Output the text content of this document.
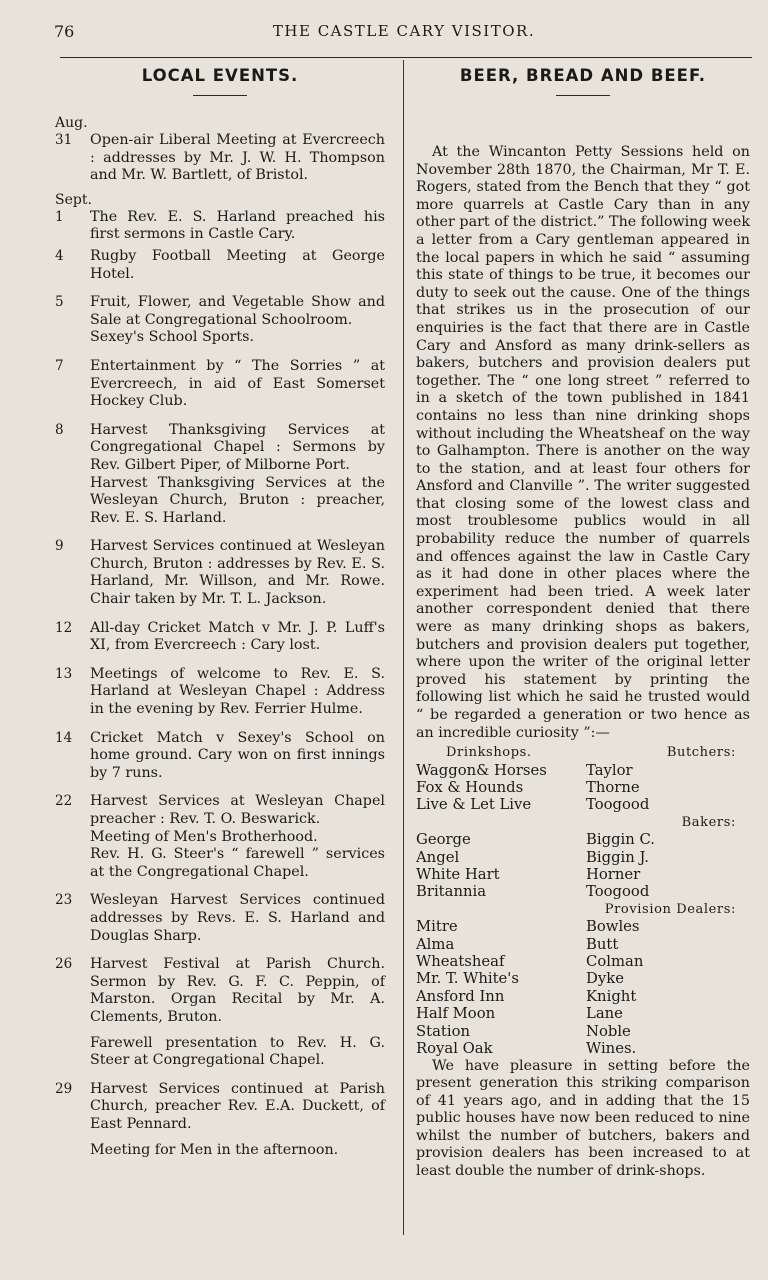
76	THE CASTLE CARY VISITOR.
LOCAL EVENTS.
Aug.
31	Open-air Liberal Meeting at Evercreech : addresses by Mr. J. W. H. Thompson and Mr. W. Bartlett, of Bristol.

Sept.
1	The Rev. E. S. Harland preached his first sermons in Castle Cary.

4	Rugby Football Meeting at George Hotel.

5	Fruit, Flower, and Vegetable Show and Sale at Congregational Schoolroom.

Sexey's School Sports.

7	Entertainment by “ The Sorries ” at Evercreech, in aid of East Somerset Hockey Club.

8	Harvest Thanksgiving Services at Congregational Chapel : Sermons by Rev. Gilbert Piper, of Milborne Port.

Harvest Thanksgiving Services at the Wesleyan Church, Bruton : preacher, Rev. E. S. Harland.

9	Harvest Services continued at Wesleyan Church, Bruton : addresses by Rev. E. S. Harland, Mr. Willson, and Mr. Rowe. Chair taken by Mr. T. L. Jackson.

12	All-day Cricket Match v Mr. J. P. Luff's XI, from Evercreech : Cary lost.

13	Meetings of welcome to Rev. E. S. Harland at Wesleyan Chapel : Address in the evening by Rev. Ferrier Hulme.

14	Cricket Match v Sexey's School on home ground. Cary won on first innings by 7 runs.

22	Harvest Services at Wesleyan Chapel preacher : Rev. T. O. Beswarick.

Meeting of Men's Brotherhood.

Rev. H. G. Steer's “ farewell ” services at the Congregational Chapel.

23	Wesleyan Harvest Services continued addresses by Revs. E. S. Harland and Douglas Sharp.

26	Harvest Festival at Parish Church. Sermon by Rev. G. F. C. Peppin, of Marston. Organ Recital by Mr. A. Clements, Bruton.

Farewell presentation to Rev. H. G. Steer at Congregational Chapel.

29	Harvest Services continued at Parish Church, preacher Rev. E.A. Duckett, of East Pennard.

Meeting for Men in the afternoon.

BEER, BREAD AND BEEF.

At the Wincanton Petty Sessions held on November 28th 1870, the Chairman, Mr T. E. Rogers, stated from the Bench that they “ got more quarrels at Castle Cary than in any other part of the district.” The following week a letter from a Cary gentleman appeared in the local papers in which he said “ assuming this state of things to be true, it becomes our duty to seek out the cause. One of the things that strikes us in the prosecution of our enquiries is the fact that there are in Castle Cary and Ansford as many drink-sellers as bakers, butchers and provision dealers put together. The “ one long street ” referred to in a sketch of the town published in 1841 contains no less than nine drinking shops without including the Wheatsheaf on the way to Galhampton. There is another on the way to the station, and at least four others for Ansford and Clanville ”. The writer suggested that closing some of the lowest class and most troublesome publics would in all probability reduce the number of quarrels and offences against the law in Castle Cary as it had done in other places where the experiment had been tried. A week later another correspondent denied that there were as many drinking shops as bakers, butchers and provision dealers put together, where upon the writer of the original letter proved his statement by printing the following list which he said he trusted would “ be regarded a generation or two hence as an incredible curiosity ”:—

Drinkshops.	Butchers:
Waggon& Horses	Taylor
Fox & Hounds	Thorne
Live & Let Live	Toogood
Bakers:
George	Biggin C.
Angel	Biggin J.
White Hart	Horner
Britannia	Toogood
Provision Dealers:
Mitre	Bowles
Alma	Butt
Wheatsheaf	Colman
Mr. T. White's	Dyke
Ansford Inn	Knight
Half Moon	Lane
Station	Noble
Royal Oak	Wines.

We have pleasure in setting before the present generation this striking comparison of 41 years ago, and in adding that the 15 public houses have now been reduced to nine whilst the number of butchers, bakers and provision dealers has been increased to at least double the number of drink-shops.
